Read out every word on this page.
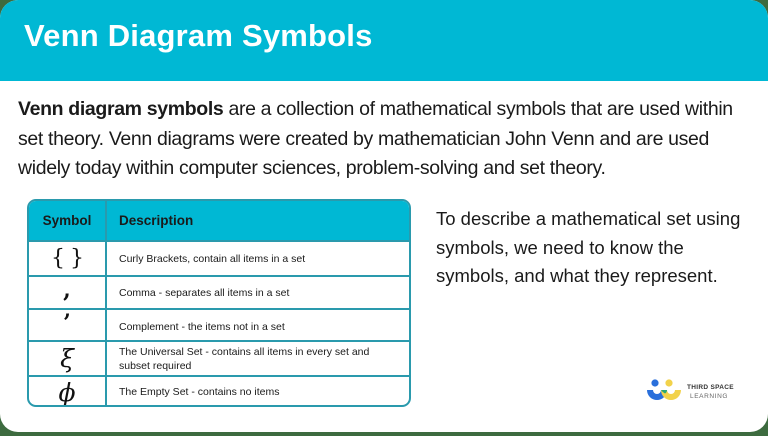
Venn Diagram Symbols
Venn diagram symbols are a collection of mathematical symbols that are used within set theory. Venn diagrams were created by mathematician John Venn and are used widely today within computer sciences, problem-solving and set theory.
Symbol	Description
{ }	Curly Brackets, contain all items in a set
,	Comma - separates all items in a set
’	Complement - the items not in a set
ξ	The Universal Set - contains all items in every set and subset required
ϕ	The Empty Set - contains no items
To describe a mathematical set using symbols, we need to know the symbols, and what they represent.
THIRD SPACE
LEARNING
